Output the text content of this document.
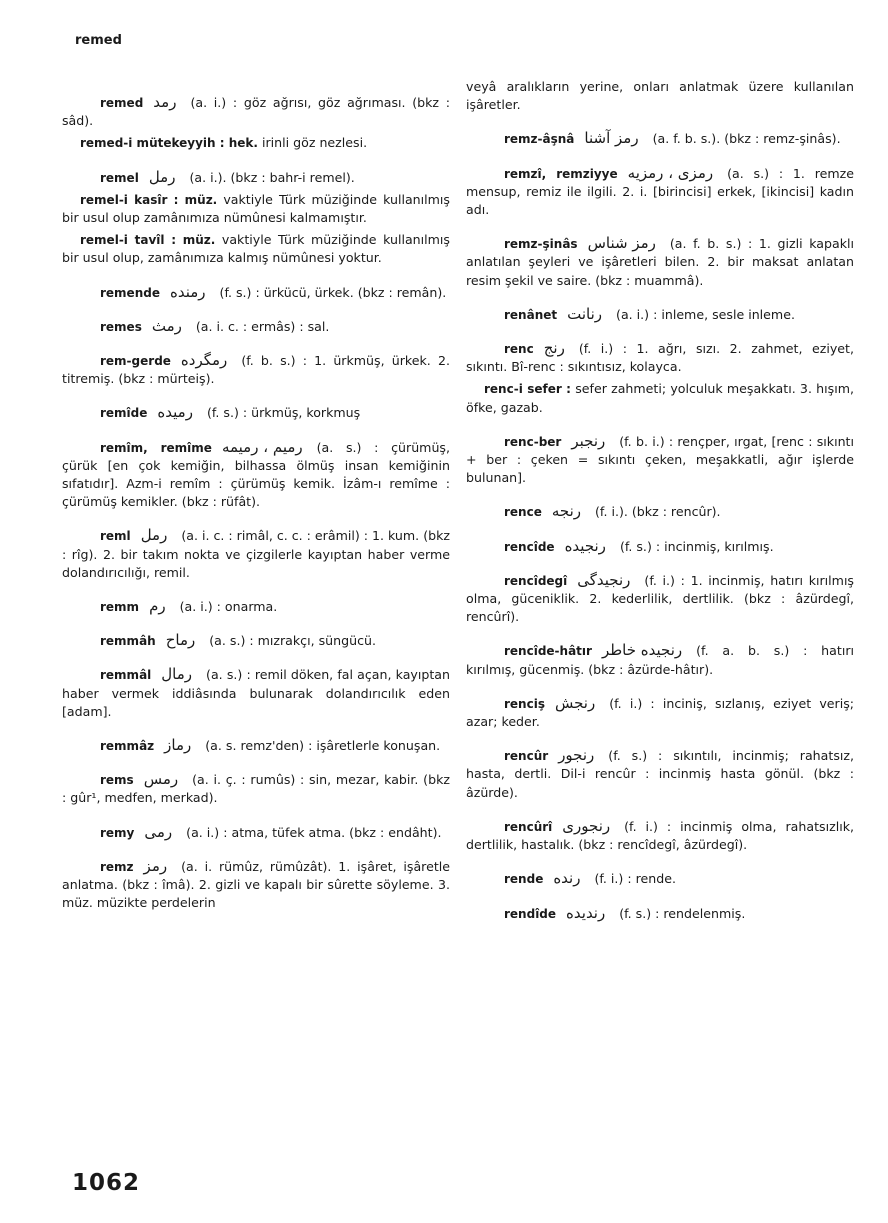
remed

remed رمد (a. i.) : göz ağrısı, göz ağrıması. (bkz : sâd).

remed-i mütekeyyih : hek. irinli göz nezlesi.

remel رمل (a. i.). (bkz : bahr-i remel).

remel-i kasîr : müz. vaktiyle Türk müziğinde kullanılmış bir usul olup zamânımıza nümûnesi kalmamıştır.

remel-i tavîl : müz. vaktiyle Türk müziğinde kullanılmış bir usul olup, zamânımıza kalmış nümûnesi yoktur.

remende رمنده (f. s.) : ürkücü, ürkek. (bkz : remân).

remes رمث (a. i. c. : ermâs) : sal.

rem-gerde رمگرده (f. b. s.) : 1. ürkmüş, ürkek. 2. titremiş. (bkz : mürteiş).

remîde رمیده (f. s.) : ürkmüş, korkmuş

remîm, remîme رمیم ، رمیمه (a. s.) : çürümüş, çürük [en çok kemiğin, bilhassa ölmüş insan kemiğinin sıfatıdır]. Azm-i remîm : çürümüş kemik. İzâm-ı remîme : çürümüş kemikler. (bkz : rüfât).

reml رمل (a. i. c. : rimâl, c. c. : erâmil) : 1. kum. (bkz : rîg). 2. bir takım nokta ve çizgilerle kayıptan haber verme dolandırıcılığı, remil.

remm رم (a. i.) : onarma.

remmâh رماح (a. s.) : mızrakçı, süngücü.

remmâl رمال (a. s.) : remil döken, fal açan, kayıptan haber vermek iddiâsında bulunarak dolandırıcılık eden [adam].

remmâz رماز (a. s. remz'den) : işâretlerle konuşan.

rems رمس (a. i. ç. : rumûs) : sin, mezar, kabir. (bkz : gûr¹, medfen, merkad).

remy رمی (a. i.) : atma, tüfek atma. (bkz : endâht).

remz رمز (a. i. rümûz, rümûzât). 1. işâret, işâretle anlatma. (bkz : îmâ). 2. gizli ve kapalı bir sûrette söyleme. 3. müz. müzikte perdelerin

veyâ aralıkların yerine, onları anlatmak üzere kullanılan işâretler.

remz-âşnâ رمز آشنا (a. f. b. s.). (bkz : remz-şinâs).

remzî, remziyye رمزی ، رمزیه (a. s.) : 1. remze mensup, remiz ile ilgili. 2. i. [birincisi] erkek, [ikincisi] kadın adı.

remz-şinâs رمز شناس (a. f. b. s.) : 1. gizli kapaklı anlatılan şeyleri ve işâretleri bilen. 2. bir maksat anlatan resim şekil ve saire. (bkz : muammâ).

renânet رنانت (a. i.) : inleme, sesle inleme.

renc رنج (f. i.) : 1. ağrı, sızı. 2. zahmet, eziyet, sıkıntı. Bî-renc : sıkıntısız, kolayca.

renc-i sefer : sefer zahmeti; yolculuk meşakkatı. 3. hışım, öfke, gazab.

renc-ber رنجبر (f. b. i.) : rençper, ırgat, [renc : sıkıntı + ber : çeken = sıkıntı çeken, meşakkatli, ağır işlerde bulunan].

rence رنجه (f. i.). (bkz : rencûr).

rencîde رنجیده (f. s.) : incinmiş, kırılmış.

rencîdegî رنجیدگی (f. i.) : 1. incinmiş, hatırı kırılmış olma, güceniklik. 2. kederlilik, dertlilik. (bkz : âzürdegî, rencûrî).

rencîde-hâtır رنجیده خاطر (f. a. b. s.) : hatırı kırılmış, gücenmiş. (bkz : âzürde-hâtır).

renciş رنجش (f. i.) : inciniş, sızlanış, eziyet veriş; azar; keder.

rencûr رنجور (f. s.) : sıkıntılı, incinmiş; rahatsız, hasta, dertli. Dil-i rencûr : incinmiş hasta gönül. (bkz : âzürde).

rencûrî رنجوری (f. i.) : incinmiş olma, rahatsızlık, dertlilik, hastalık. (bkz : rencîdegî, âzürdegî).

rende رنده (f. i.) : rende.

rendîde رندیده (f. s.) : rendelenmiş.

1062
